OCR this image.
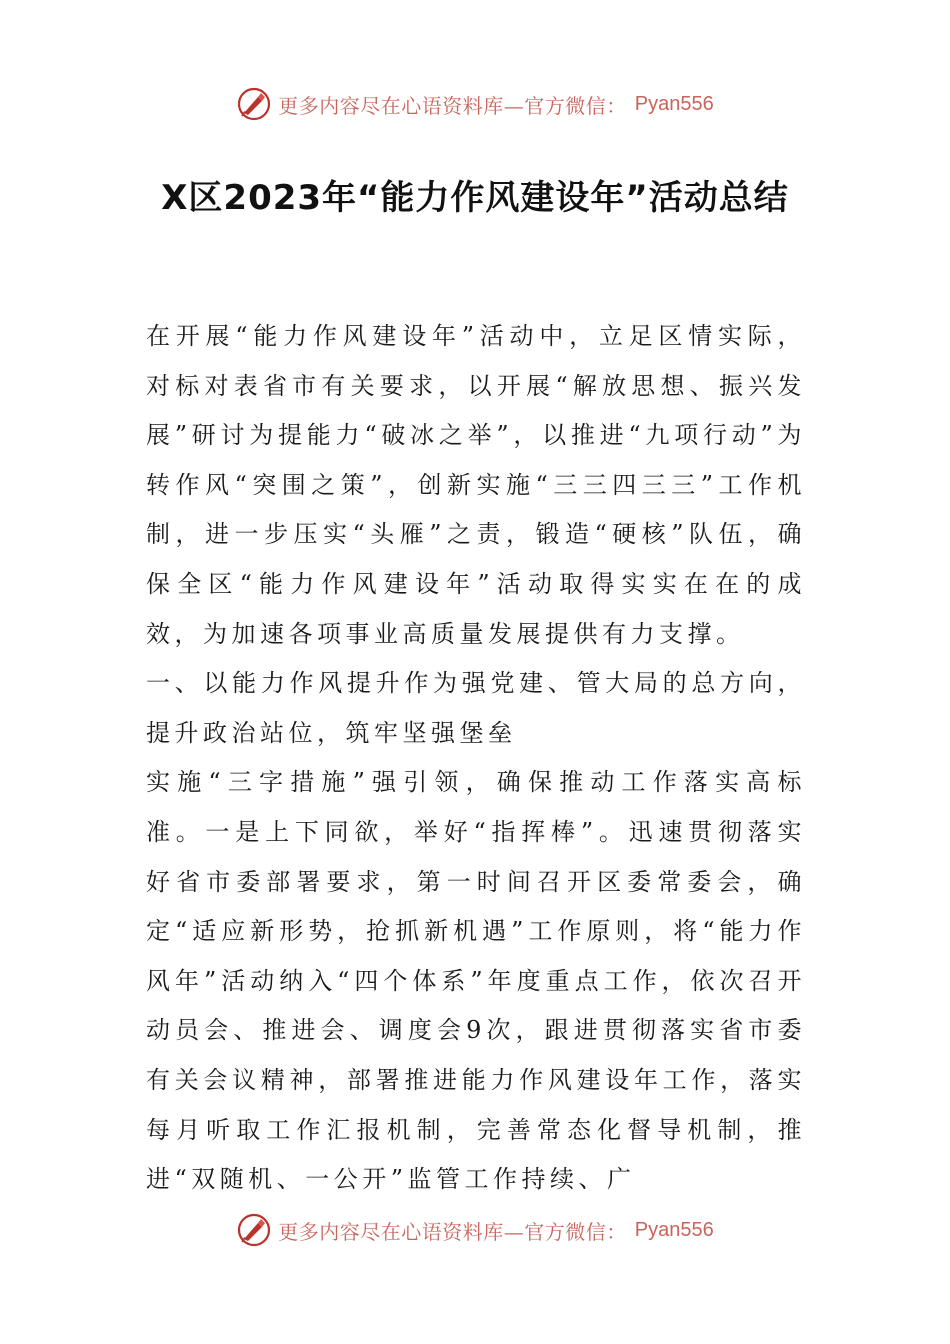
更多内容尽在心语资料库—官方微信： Pyan556
X区2023年“能力作风建设年”活动总结

在开展“能力作风建设年”活动中，立足区情实际，对标对表省市有关要求，以开展“解放思想、振兴发展”研讨为提能力“破冰之举”，以推进“九项行动”为转作风“突围之策”，创新实施“三三四三三”工作机制，进一步压实“头雁”之责，锻造“硬核”队伍，确保全区“能力作风建设年”活动取得实实在在的成效，为加速各项事业高质量发展提供有力支撑。

一、以能力作风提升作为强党建、管大局的总方向，提升政治站位，筑牢坚强堡垒

实施“三字措施”强引领，确保推动工作落实高标准。一是上下同欲，举好“指挥棒”。迅速贯彻落实好省市委部署要求，第一时间召开区委常委会，确定“适应新形势，抢抓新机遇”工作原则，将“能力作风年”活动纳入“四个体系”年度重点工作，依次召开动员会、推进会、调度会9次，跟进贯彻落实省市委有关会议精神，部署推进能力作风建设年工作，落实每月听取工作汇报机制，完善常态化督导机制，推进“双随机、一公开”监管工作持续、广

更多内容尽在心语资料库—官方微信： Pyan556
